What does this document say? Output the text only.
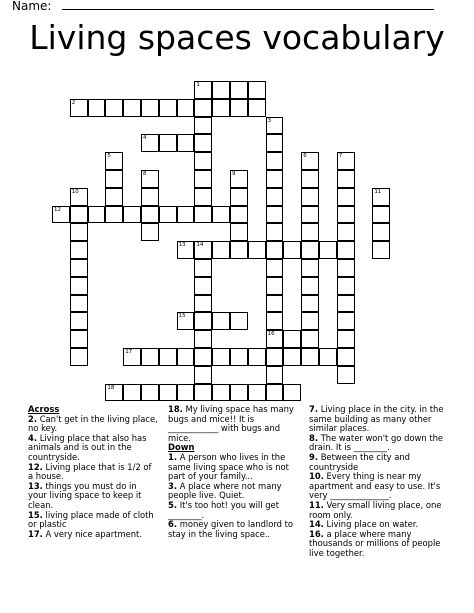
Name:
Living spaces vocabulary
1
2
3
4
5	6	7
8	9
10	11
12
13 14
15
16
17
18
Across
2. Can't get in the living place, no key.
4. Living place that also has animals and is out in the countryside.
12. Living place that is 1/2 of a house.
13. things you must do in your living space to keep it clean.
15. living place made of cloth or plastic
17. A very nice apartment.
18. My living space has many bugs and mice!! It is ____________ with bugs and mice.
Down
1. A person who lives in the same living space who is not part of your family...
3. A place where not many people live. Quiet.
5. It's too hot! you will get ________.
6. money given to landlord to stay in the living space..
7. Living place in the city. in the same building as many other similar places.
8. The water won't go down the drain. It is ________.
9. Between the city and countryside
10. Every thing is near my apartment and easy to use. It's very ______________.
11. Very small living place, one room only.
14. Living place on water.
16. a place where many thousands or millions of people live together.
